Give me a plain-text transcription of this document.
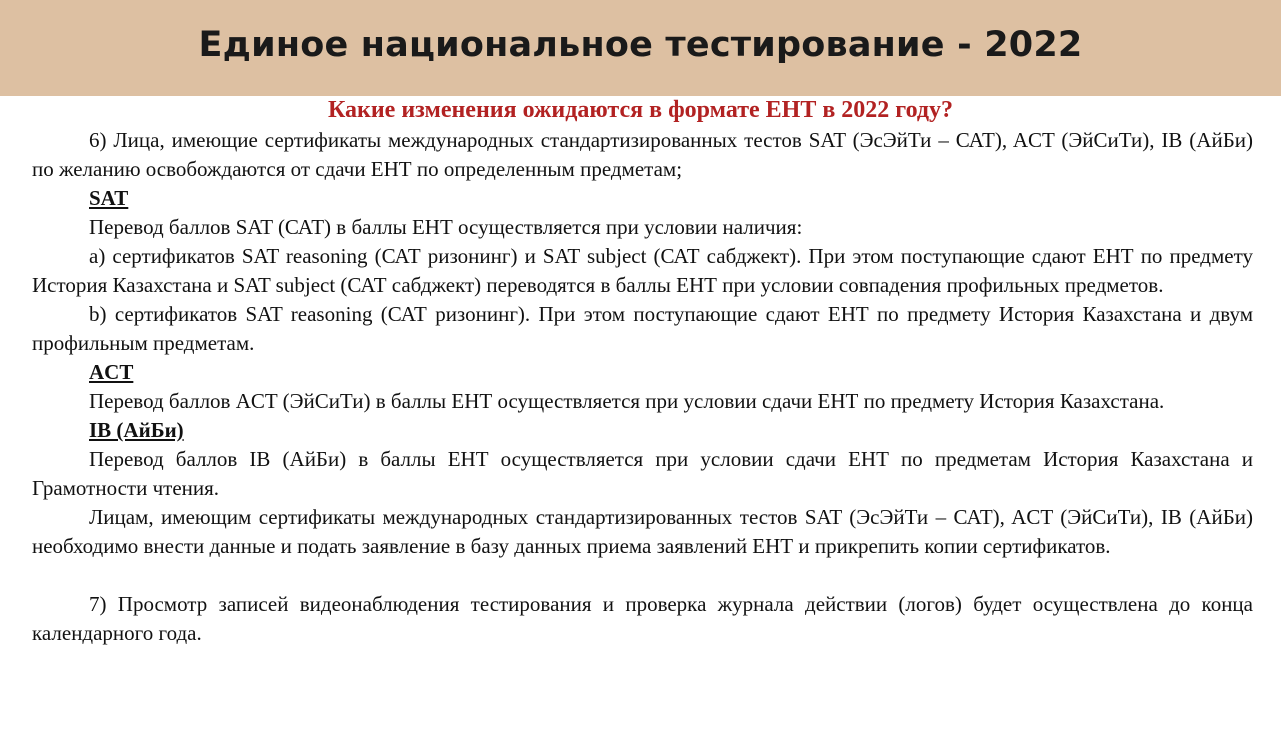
Единое национальное тестирование - 2022
Какие изменения ожидаются в формате ЕНТ в 2022 году?

6) Лица, имеющие сертификаты международных стандартизированных тестов SAT (ЭсЭйТи – САТ), ACT (ЭйСиТи), IB (АйБи) по желанию освобождаются от сдачи ЕНТ по определенным предметам;

SAT

Перевод баллов SAT (САТ) в баллы ЕНТ осуществляется при условии наличия:

а) сертификатов SAT reasoning (САТ ризонинг) и SAT subject (САТ сабджект). При этом поступающие сдают ЕНТ по предмету История Казахстана и SAT subject (САТ сабджект) переводятся в баллы ЕНТ при условии совпадения профильных предметов.

b) сертификатов SAT reasoning (САТ ризонинг). При этом поступающие сдают ЕНТ по предмету История Казахстана и двум профильным предметам.

ACT

Перевод баллов ACT (ЭйСиТи) в баллы ЕНТ осуществляется при условии сдачи ЕНТ по предмету История Казахстана.

IB (АйБи)

Перевод баллов IB (АйБи) в баллы ЕНТ осуществляется при условии сдачи ЕНТ по предметам История Казахстана и Грамотности чтения.

Лицам, имеющим сертификаты международных стандартизированных тестов SAT (ЭсЭйТи – САТ), ACT (ЭйСиТи), IB (АйБи) необходимо внести данные и подать заявление в базу данных приема заявлений ЕНТ и прикрепить копии сертификатов.

7) Просмотр записей видеонаблюдения тестирования и проверка журнала действии (логов) будет осуществлена до конца календарного года.
